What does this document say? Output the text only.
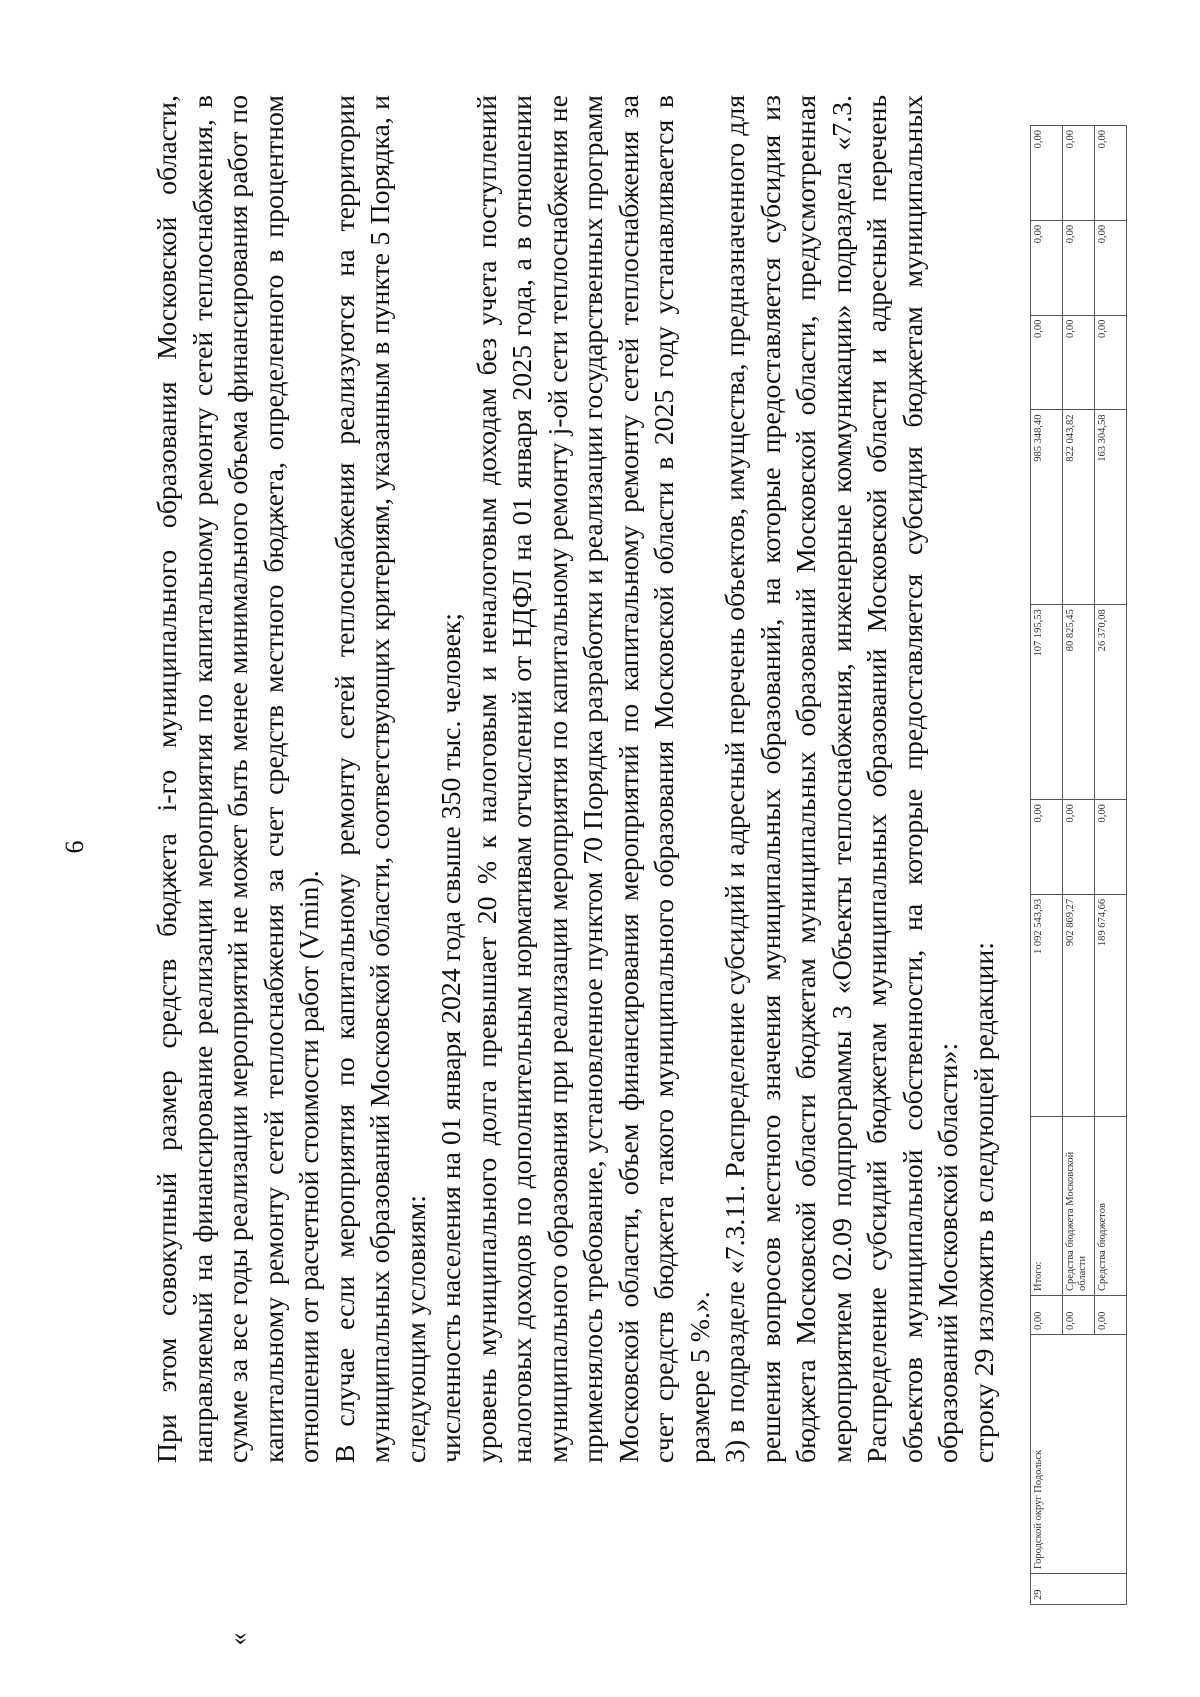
6 При этом совокупный размер средств бюджета i-го муниципального образования Московской области, направляемый на финансирование реализации мероприятия по капитальному ремонту сетей теплоснабжения, в сумме за все годы реализации мероприятий не может быть менее минимального объема финансирования работ по капитальному ремонту сетей теплоснабжения за счет средств местного бюджета, определенного в процентном отношении от расчетной стоимости работ (Vmin). В случае если мероприятия по капитальному ремонту сетей теплоснабжения реализуются на территории муниципальных образований Московской области, соответствующих критериям, указанным в пункте 5 Порядка, и следующим условиям: численность населения на 01 января 2024 года свыше 350 тыс. человек; уровень муниципального долга превышает 20 % к налоговым и неналоговым доходам без учета поступлений налоговых доходов по дополнительным нормативам отчислений от НДФЛ на 01 января 2025 года, а в отношении муниципального образования при реализации мероприятия по капитальному ремонту j-ой сети теплоснабжения не применялось требование, установленное пунктом 70 Порядка разработки и реализации государственных программ Московской области, объем финансирования мероприятий по капитальному ремонту сетей теплоснабжения за счет средств бюджета такого муниципального образования Московской области в 2025 году устанавливается в размере 5 %.». 3) в подразделе «7.3.11. Распределение субсидий и адресный перечень объектов, имущества, предназначенного для решения вопросов местного значения муниципальных образований, на которые предоставляется субсидия из бюджета Московской области бюджетам муниципальных образований Московской области, предусмотренная мероприятием 02.09 подпрограммы 3 «Объекты теплоснабжения, инженерные коммуникации» подраздела «7.3. Распределение субсидий бюджетам муниципальных образований Московской области и адресный перечень объектов муниципальной собственности, на которые предоставляется субсидия бюджетам муниципальных образований Московской области»: строку 29 изложить в следующей редакции:

«
29	Городской округ Подольск	0,00	Итого:	1 092 543,93	0,00	107 195,53	985 348,40	0,00	0,00	0,00
		0,00	Средства бюджета Московской области	902 869,27	0,00	80 825,45	822 043,82	0,00	0,00	0,00
		0,00	Средства бюджетов	189 674,66	0,00	26 370,08	163 304,58	0,00	0,00	0,00
